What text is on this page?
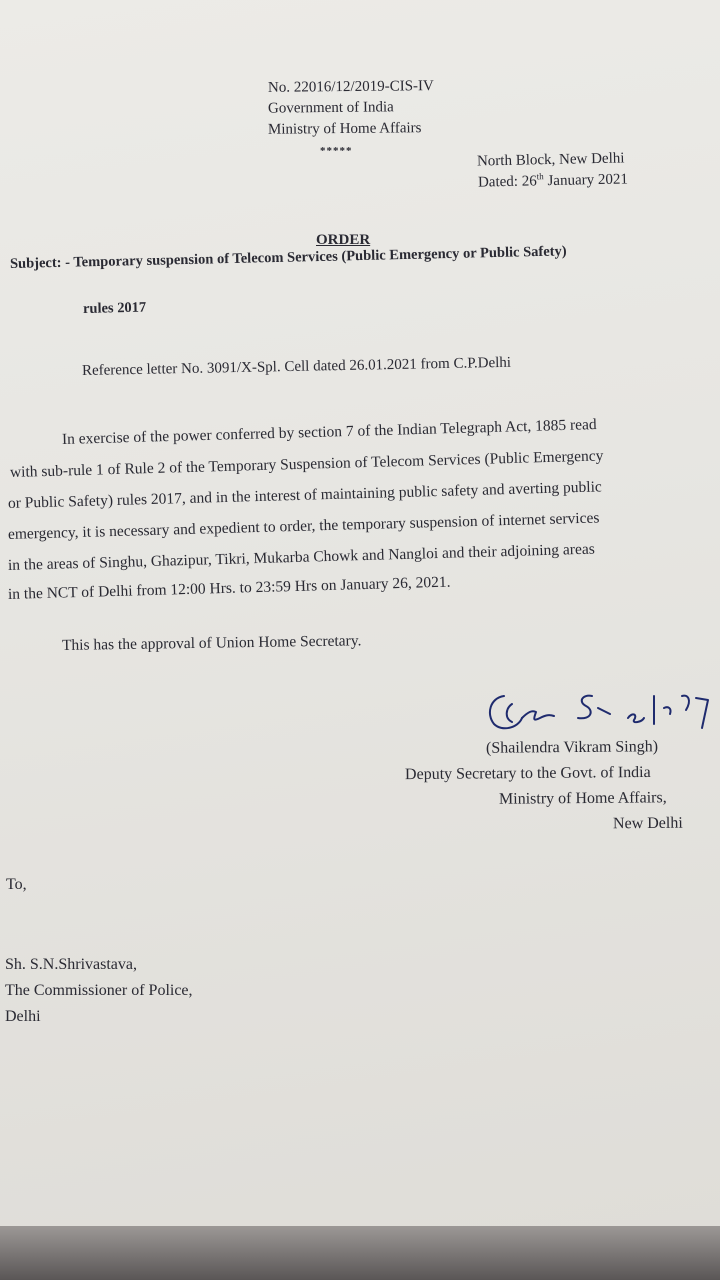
No. 22016/12/2019-CIS-IV
Government of India
Ministry of Home Affairs
*****	North Block, New Delhi
Dated: 26th January 2021
ORDER
Subject: - Temporary suspension of Telecom Services (Public Emergency or Public Safety)
rules 2017
Reference letter No. 3091/X-Spl. Cell dated 26.01.2021 from C.P.Delhi
In exercise of the power conferred by section 7 of the Indian Telegraph Act, 1885 read
with sub-rule 1 of Rule 2 of the Temporary Suspension of Telecom Services (Public Emergency
or Public Safety) rules 2017, and in the interest of maintaining public safety and averting public
emergency, it is necessary and expedient to order, the temporary suspension of internet services
in the areas of Singhu, Ghazipur, Tikri, Mukarba Chowk and Nangloi and their adjoining areas
in the NCT of Delhi from 12:00 Hrs. to 23:59 Hrs on January 26, 2021.
This has the approval of Union Home Secretary.
(Shailendra Vikram Singh)
Deputy Secretary to the Govt. of India
Ministry of Home Affairs,
New Delhi
To,
Sh. S.N.Shrivastava,
The Commissioner of Police,
Delhi
